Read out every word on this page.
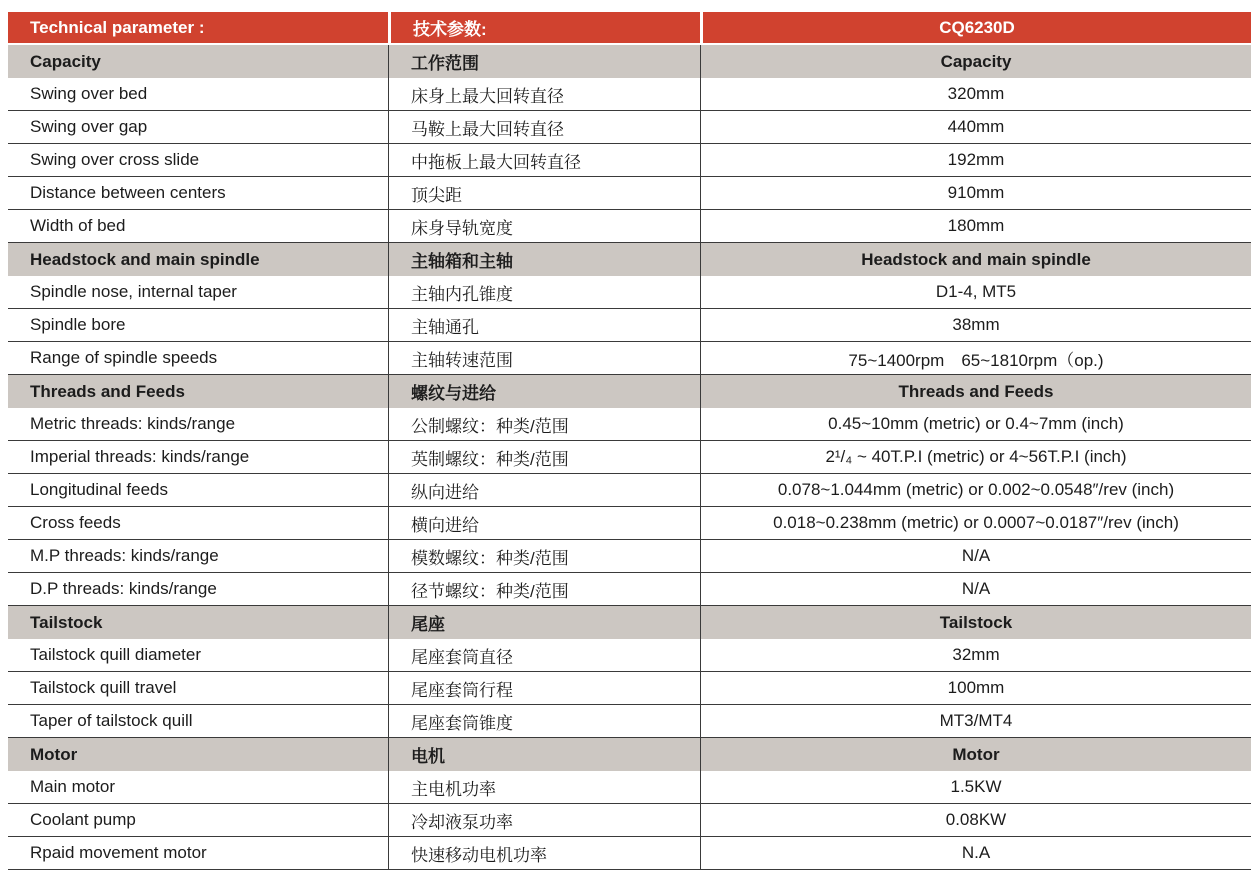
Technical parameter :	技术参数:	CQ6230D
Capacity	工作范围	Capacity
Swing over bed	床身上最大回转直径	320mm
Swing over gap	马鞍上最大回转直径	440mm
Swing over cross slide	中拖板上最大回转直径	192mm
Distance between centers	顶尖距	910mm
Width of bed	床身导轨宽度	180mm
Headstock and main spindle	主轴箱和主轴	Headstock and main spindle
Spindle nose, internal taper	主轴内孔锥度	D1-4, MT5
Spindle bore	主轴通孔	38mm
Range of spindle speeds	主轴转速范围	75~1400rpm　65~1810rpm（op.)
Threads and Feeds	螺纹与进给	Threads and Feeds
Metric threads: kinds/range	公制螺纹：种类/范围	0.45~10mm (metric) or 0.4~7mm (inch)
Imperial threads: kinds/range	英制螺纹：种类/范围	2¹/₄ ~ 40T.P.I (metric) or 4~56T.P.I (inch)
Longitudinal feeds	纵向进给	0.078~1.044mm (metric) or 0.002~0.0548″/rev (inch)
Cross feeds	横向进给	0.018~0.238mm (metric) or 0.0007~0.0187″/rev (inch)
M.P threads: kinds/range	模数螺纹：种类/范围	N/A
D.P threads: kinds/range	径节螺纹：种类/范围	N/A
Tailstock	尾座	Tailstock
Tailstock quill diameter	尾座套筒直径	32mm
Tailstock quill travel	尾座套筒行程	100mm
Taper of tailstock quill	尾座套筒锥度	MT3/MT4
Motor	电机	Motor
Main motor	主电机功率	1.5KW
Coolant pump	冷却液泵功率	0.08KW
Rpaid movement motor	快速移动电机功率	N.A
